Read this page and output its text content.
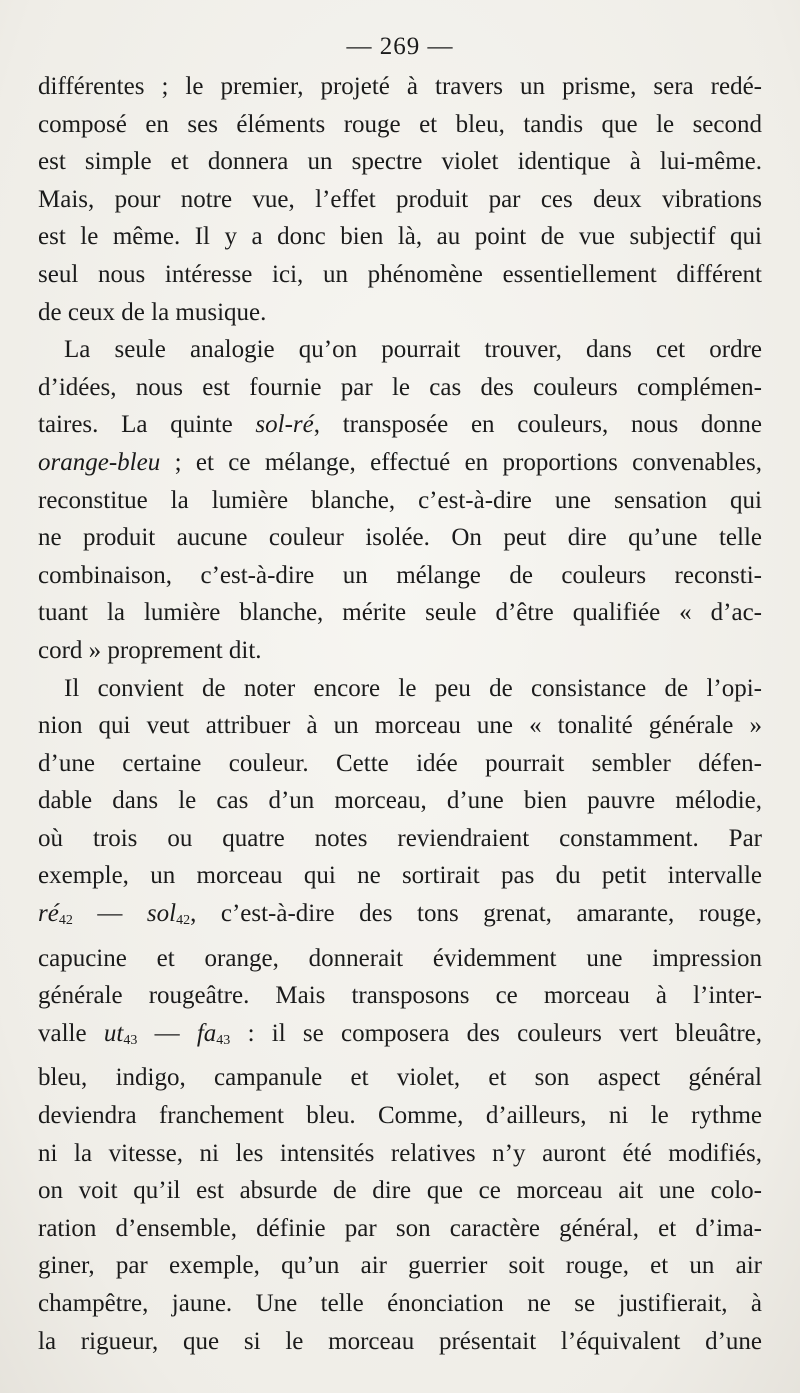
— 269 —

différentes ; le premier, projeté à travers un prisme, sera redé-
composé en ses éléments rouge et bleu, tandis que le second
est simple et donnera un spectre violet identique à lui-même.
Mais, pour notre vue, l’effet produit par ces deux vibrations
est le même. Il y a donc bien là, au point de vue subjectif qui
seul nous intéresse ici, un phénomène essentiellement différent
de ceux de la musique.

La seule analogie qu’on pourrait trouver, dans cet ordre

d’idées, nous est fournie par le cas des couleurs complémen-
taires. La quinte sol-ré, transposée en couleurs, nous donne
orange-bleu ; et ce mélange, effectué en proportions convenables,
reconstitue la lumière blanche, c’est-à-dire une sensation qui
ne produit aucune couleur isolée. On peut dire qu’une telle
combinaison, c’est-à-dire un mélange de couleurs reconsti-
tuant la lumière blanche, mérite seule d’être qualifiée « d’ac-
cord » proprement dit.

Il convient de noter encore le peu de consistance de l’opi-

nion qui veut attribuer à un morceau une « tonalité générale »
d’une certaine couleur. Cette idée pourrait sembler défen-
dable dans le cas d’un morceau, d’une bien pauvre mélodie,
où trois ou quatre notes reviendraient constamment. Par
exemple, un morceau qui ne sortirait pas du petit intervalle
$ré_{42}$ — sol$_{42}$, c’est-à-dire des tons grenat, amarante, rouge,
capucine et orange, donnerait évidemment une impression
générale rougeâtre. Mais transposons ce morceau à l’inter-
valle $ut_{43}$ — $fa_{43}$ : il se composera des couleurs vert bleuâtre,
bleu, indigo, campanule et violet, et son aspect général
deviendra franchement bleu. Comme, d’ailleurs, ni le rythme
ni la vitesse, ni les intensités relatives n’y auront été modifiés,
on voit qu’il est absurde de dire que ce morceau ait une colo-
ration d’ensemble, définie par son caractère général, et d’ima-
giner, par exemple, qu’un air guerrier soit rouge, et un air
champêtre, jaune. Une telle énonciation ne se justifierait, à
la rigueur, que si le morceau présentait l’équivalent d’une
